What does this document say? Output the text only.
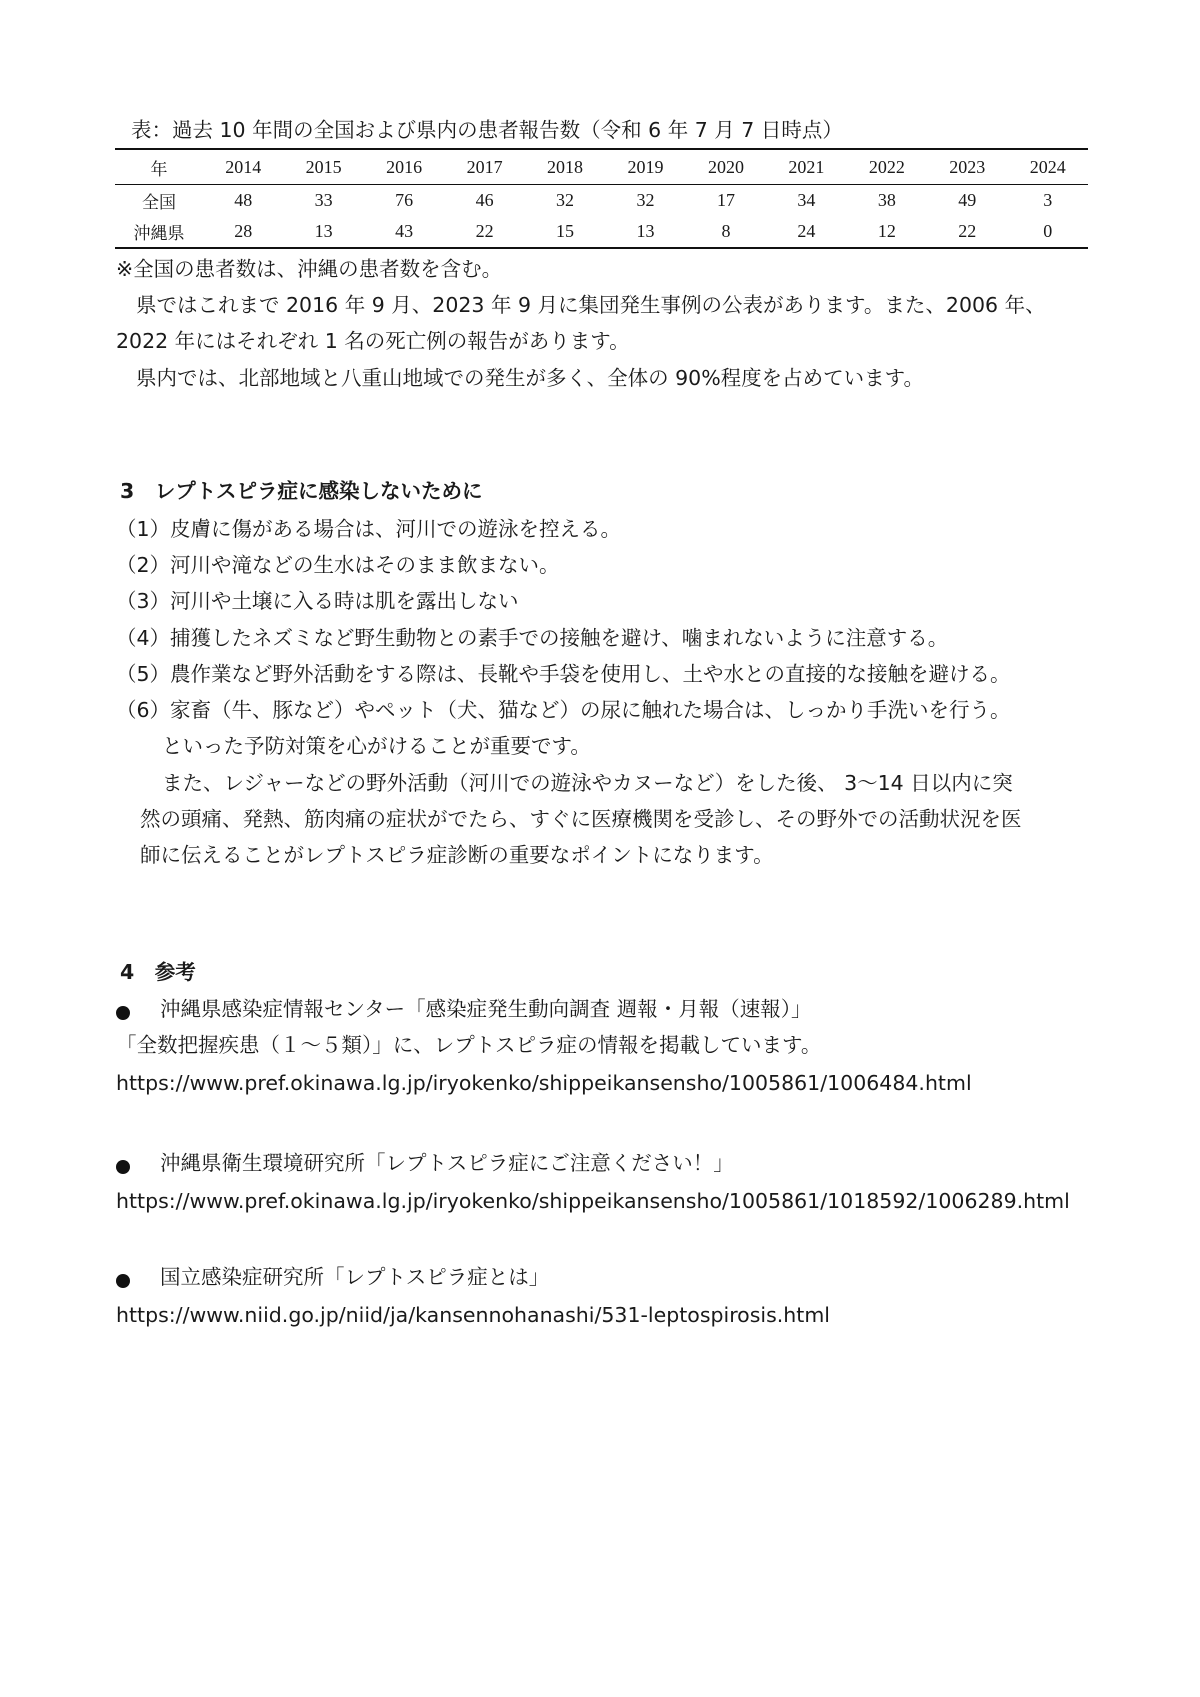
表：過去 10 年間の全国および県内の患者報告数（令和 6 年 7 月 7 日時点）
年	2014	2015	2016	2017	2018	2019	2020	2021	2022	2023	2024
全国	48	33	76	46	32	32	17	34	38	49	3
沖縄県	28	13	43	22	15	13	8	24	12	22	0
※全国の患者数は、沖縄の患者数を含む。
県ではこれまで 2016 年 9 月、2023 年 9 月に集団発生事例の公表があります。また、2006 年、
2022 年にはそれぞれ 1 名の死亡例の報告があります。
県内では、北部地域と八重山地域での発生が多く、全体の 90%程度を占めています。
3　レプトスピラ症に感染しないために
（1）皮膚に傷がある場合は、河川での遊泳を控える。
（2）河川や滝などの生水はそのまま飲まない。
（3）河川や土壌に入る時は肌を露出しない
（4）捕獲したネズミなど野生動物との素手での接触を避け、噛まれないように注意する。
（5）農作業など野外活動をする際は、長靴や手袋を使用し、土や水との直接的な接触を避ける。
（6）家畜（牛、豚など）やペット（犬、猫など）の尿に触れた場合は、しっかり手洗いを行う。
といった予防対策を心がけることが重要です。
また、レジャーなどの野外活動（河川での遊泳やカヌーなど）をした後、 3～14 日以内に突
然の頭痛、発熱、筋肉痛の症状がでたら、すぐに医療機関を受診し、その野外での活動状況を医
師に伝えることがレプトスピラ症診断の重要なポイントになります。
4　参考
沖縄県感染症情報センター「感染症発生動向調査 週報・月報（速報）」
「全数把握疾患（１～５類）」に、レプトスピラ症の情報を掲載しています。
https://www.pref.okinawa.lg.jp/iryokenko/shippeikansensho/1005861/1006484.html
沖縄県衛生環境研究所「レプトスピラ症にご注意ください！」
https://www.pref.okinawa.lg.jp/iryokenko/shippeikansensho/1005861/1018592/1006289.html
国立感染症研究所「レプトスピラ症とは」
https://www.niid.go.jp/niid/ja/kansennohanashi/531-leptospirosis.html
